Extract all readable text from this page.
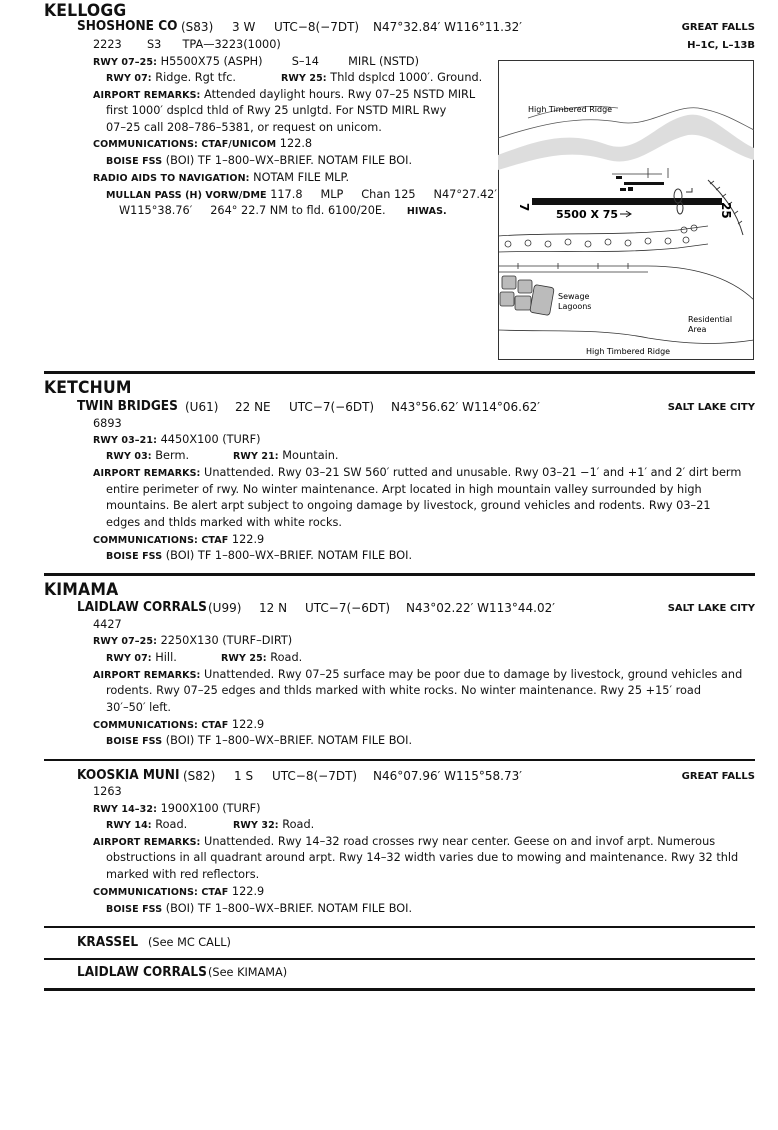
KELLOGG
SHOSHONE CO (S83) 3 W UTC−8(−7DT) N47°32.84′ W116°11.32′	GREAT FALLS
H–1C, L–13B
2223 S3 TPA—3223(1000)
RWY 07–25: H5500X75 (ASPH)	S–14	MIRL (NSTD)
RWY 07: Ridge. Rgt tfc.	RWY 25: Thld dsplcd 1000′. Ground.
AIRPORT REMARKS: Attended daylight hours. Rwy 07–25 NSTD MIRL
first 1000′ dsplcd thld of Rwy 25 unlgtd. For NSTD MIRL Rwy
07–25 call 208–786–5381, or request on unicom.
COMMUNICATIONS: CTAF/UNICOM 122.8
BOISE FSS (BOI) TF 1–800–WX–BRIEF. NOTAM FILE BOI.
RADIO AIDS TO NAVIGATION: NOTAM FILE MLP.
MULLAN PASS (H) VORW/DME 117.8     MLP     Chan 125     N47°27.42′
W115°38.76′     264° 22.7 NM to fld. 6100/20E. HIWAS.	7	25
5500 X 75
Sewage
Lagoons
Residential
Area
High Timbered Ridge
High Timbered Ridge
KETCHUM
TWIN BRIDGES (U61) 22 NE UTC−7(−6DT) N43°56.62′ W114°06.62′	SALT LAKE CITY
6893
RWY 03–21: 4450X100 (TURF)
RWY 03: Berm.	RWY 21: Mountain.
AIRPORT REMARKS: Unattended. Rwy 03–21 SW 560′ rutted and unusable. Rwy 03–21 −1′ and +1′ and 2′ dirt berm
entire perimeter of rwy. No winter maintenance. Arpt located in high mountain valley surrounded by high
mountains. Be alert arpt subject to ongoing damage by livestock, ground vehicles and rodents. Rwy 03–21
edges and thlds marked with white rocks.
COMMUNICATIONS: CTAF 122.9
BOISE FSS (BOI) TF 1–800–WX–BRIEF. NOTAM FILE BOI.
KIMAMA
LAIDLAW CORRALS (U99) 12 N UTC−7(−6DT) N43°02.22′ W113°44.02′	SALT LAKE CITY
4427
RWY 07–25: 2250X130 (TURF–DIRT)
RWY 07: Hill.	RWY 25: Road.
AIRPORT REMARKS: Unattended. Rwy 07–25 surface may be poor due to damage by livestock, ground vehicles and
rodents. Rwy 07–25 edges and thlds marked with white rocks. No winter maintenance. Rwy 25 +15′ road
30′–50′ left.
COMMUNICATIONS: CTAF 122.9
BOISE FSS (BOI) TF 1–800–WX–BRIEF. NOTAM FILE BOI.
KOOSKIA MUNI (S82) 1 S UTC−8(−7DT) N46°07.96′ W115°58.73′	GREAT FALLS
1263
RWY 14–32: 1900X100 (TURF)
RWY 14: Road.	RWY 32: Road.
AIRPORT REMARKS: Unattended. Rwy 14–32 road crosses rwy near center. Geese on and invof arpt. Numerous
obstructions in all quadrant around arpt. Rwy 14–32 width varies due to mowing and maintenance. Rwy 32 thld
marked with red reflectors.
COMMUNICATIONS: CTAF 122.9
BOISE FSS (BOI) TF 1–800–WX–BRIEF. NOTAM FILE BOI.
KRASSEL (See MC CALL)
LAIDLAW CORRALS (See KIMAMA)
